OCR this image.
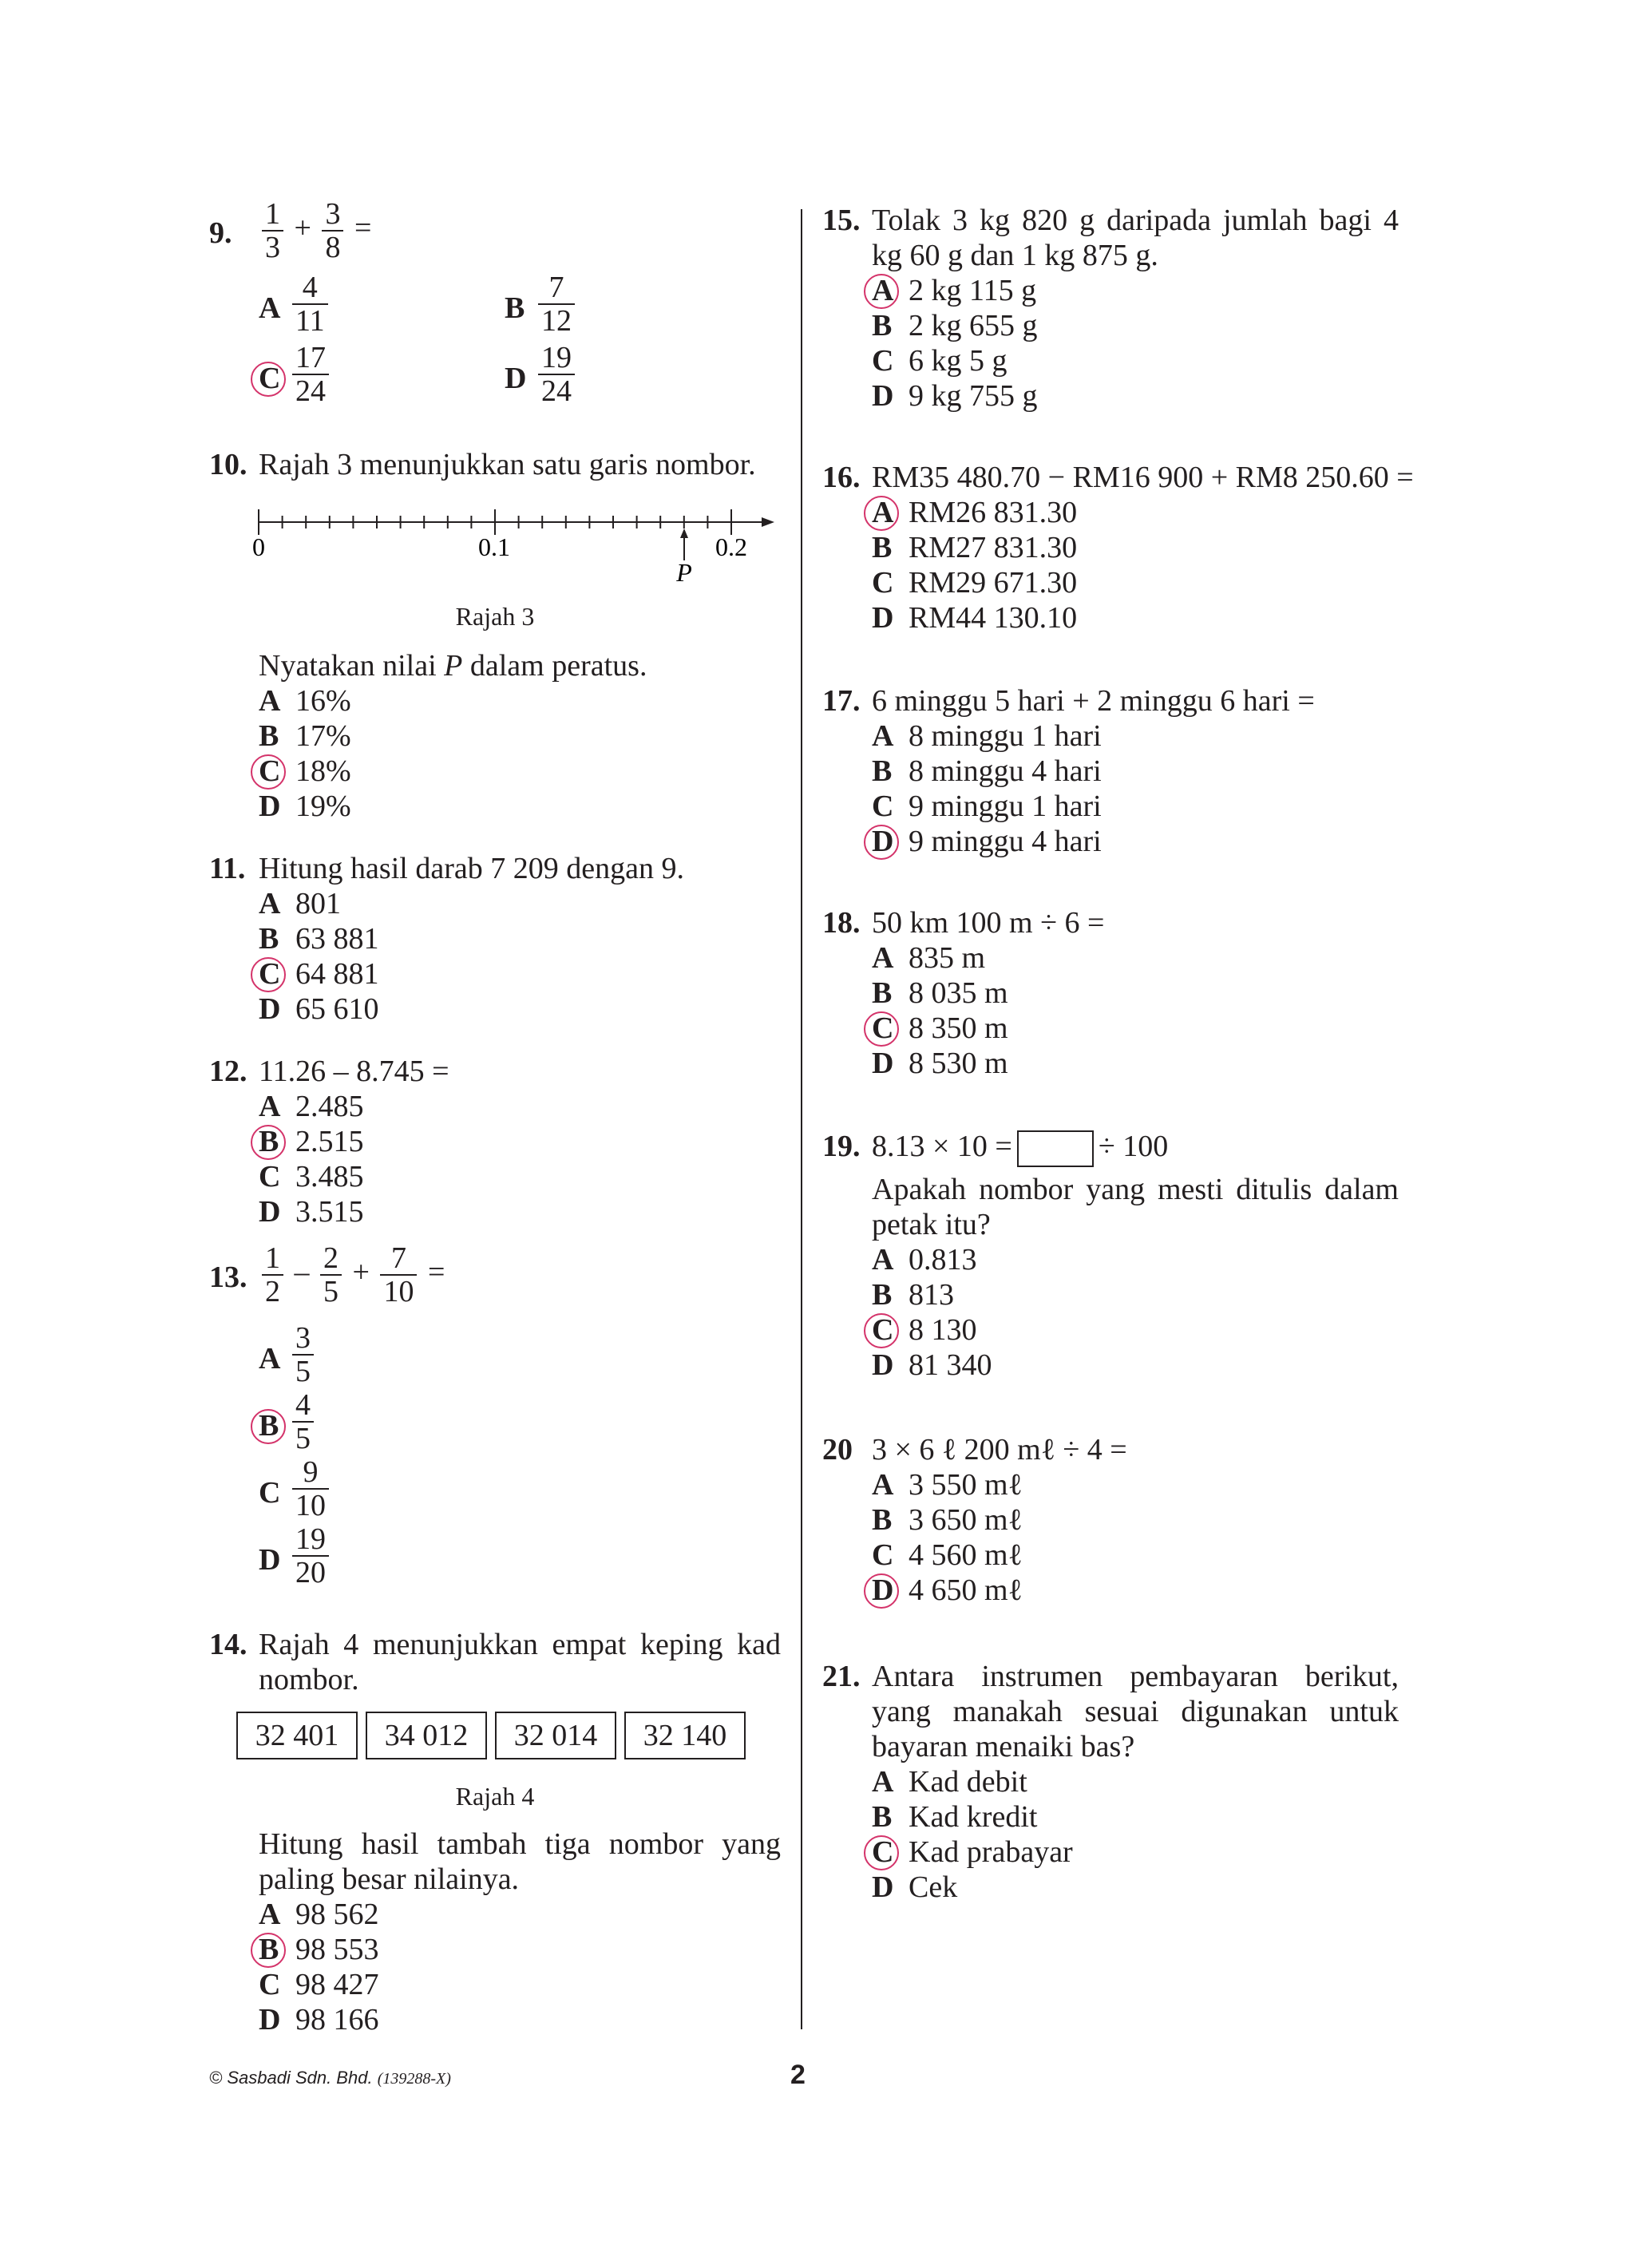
9. $\frac{1}{3} + \frac{3}{8}$ =
A $\frac{4}{11}$	B $\frac{7}{12}$
C $\frac{17}{24}$	D $\frac{19}{24}$
10. Rajah 3 menunjukkan satu garis nombor.
0	0.1	0.2
P
Rajah 3
Nyatakan nilai P dalam peratus.
A 16%
B 17%
C 18%
D 19%
11. Hitung hasil darab 7 209 dengan 9.
A 801
B 63 881
C 64 881
D 65 610
12. 11.26 – 8.745 =
A 2.485
B 2.515
C 3.485
D 3.515
13. $\frac{1}{2} - \frac{2}{5} + \frac{7}{10}$ =
A $\frac{3}{5}$
B $\frac{4}{5}$
C $\frac{9}{10}$
D $\frac{19}{20}$
14. Rajah 4 menunjukkan empat keping kad nombor.
32 401	34 012	32 014	32 140
Rajah 4
Hitung hasil tambah tiga nombor yang paling besar nilainya.
A 98 562
B 98 553
C 98 427
D 98 166
15. Tolak 3 kg 820 g daripada jumlah bagi 4 kg 60 g dan 1 kg 875 g.
A 2 kg 115 g
B 2 kg 655 g
C 6 kg 5 g
D 9 kg 755 g
16. RM35 480.70 − RM16 900 + RM8 250.60 =
A RM26 831.30
B RM27 831.30
C RM29 671.30
D RM44 130.10
17. 6 minggu 5 hari + 2 minggu 6 hari =
A 8 minggu 1 hari
B 8 minggu 4 hari
C 9 minggu 1 hari
D 9 minggu 4 hari
18. 50 km 100 m ÷ 6 =
A 835 m
B 8 035 m
C 8 350 m
D 8 530 m
19. 8.13 × 10 =	÷ 100
Apakah nombor yang mesti ditulis dalam petak itu?
A 0.813
B 813
C 8 130
D 81 340
20 3 × 6 ℓ 200 mℓ ÷ 4 =
A 3 550 mℓ
B 3 650 mℓ
C 4 560 mℓ
D 4 650 mℓ
21. Antara instrumen pembayaran berikut, yang manakah sesuai digunakan untuk bayaran menaiki bas?
A Kad debit
B Kad kredit
C Kad prabayar
D Cek
© Sasbadi Sdn. Bhd. (139288-X)	2
